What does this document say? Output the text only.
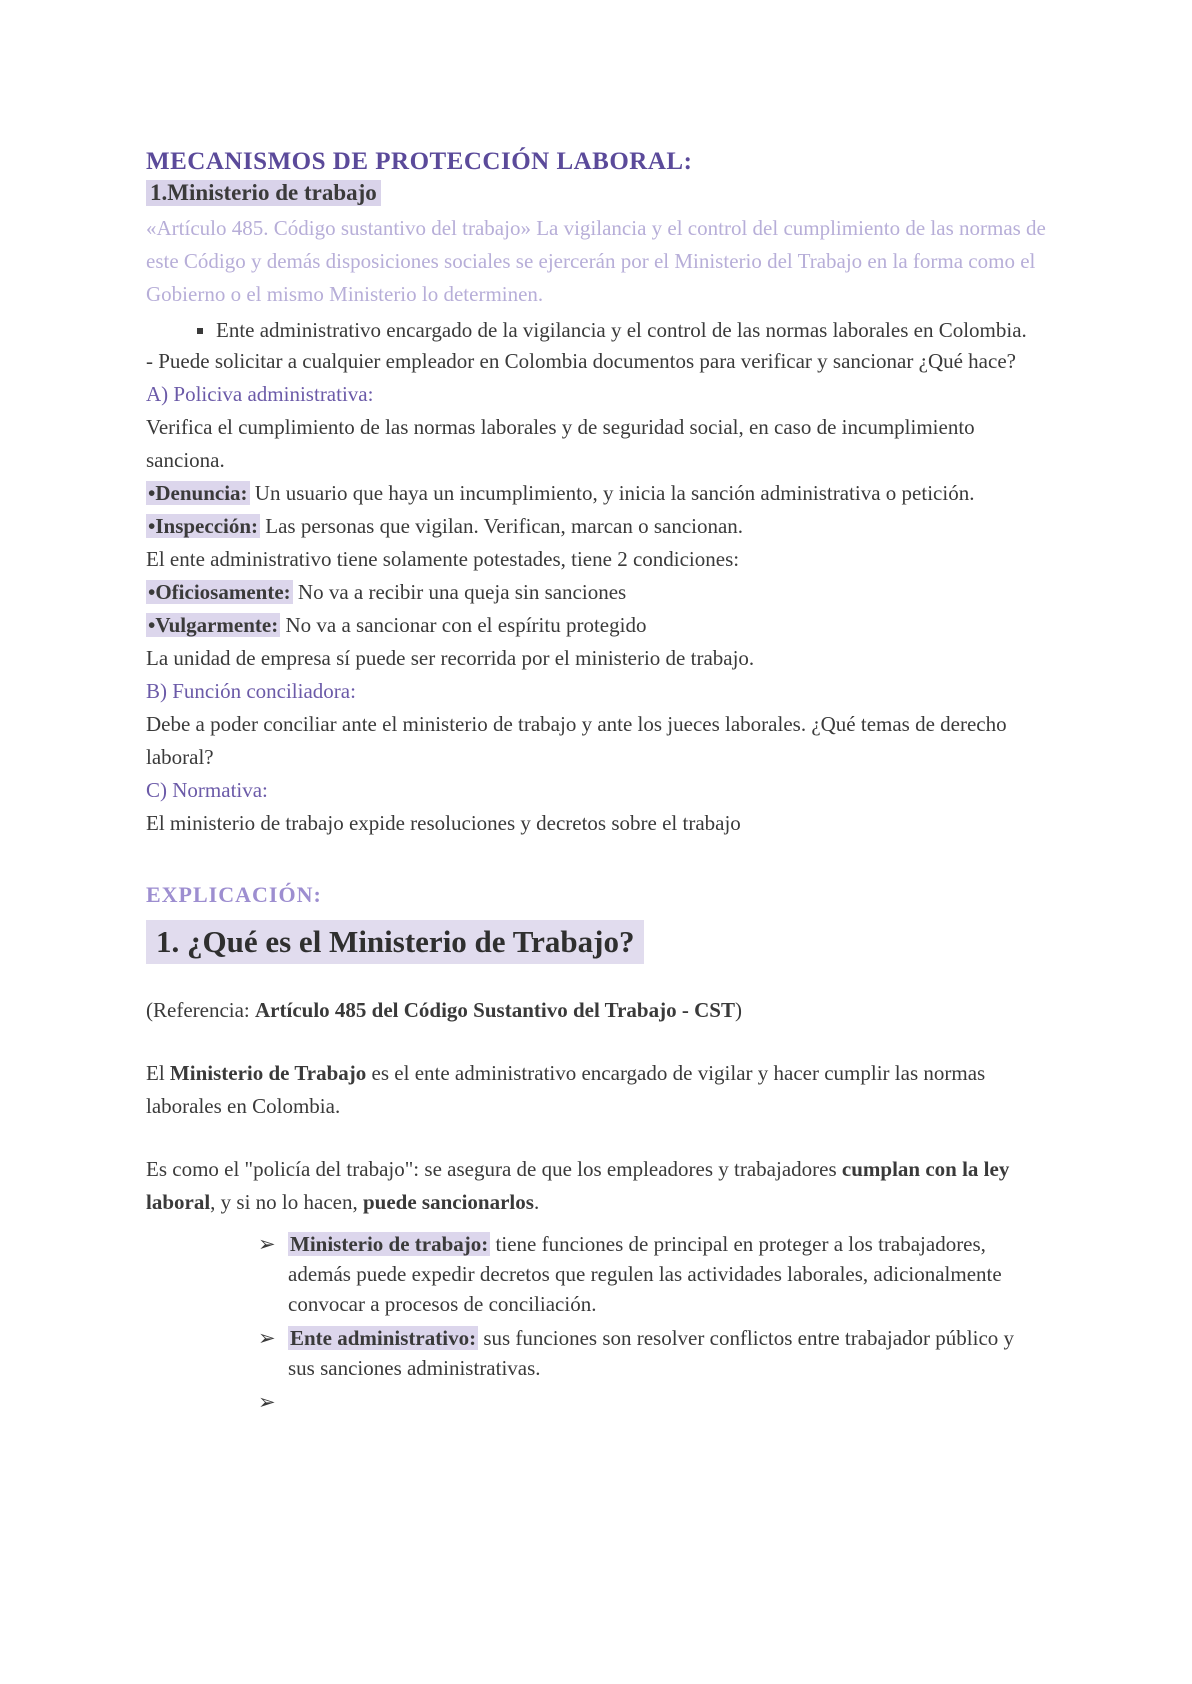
MECANISMOS DE PROTECCIÓN LABORAL:
1.Ministerio de trabajo

«Artículo 485. Código sustantivo del trabajo» La vigilancia y el control del cumplimiento de las normas de este Código y demás disposiciones sociales se ejercerán por el Ministerio del Trabajo en la forma como el Gobierno o el mismo Ministerio lo determinen.

▪ Ente administrativo encargado de la vigilancia y el control de las normas laborales en Colombia.

- Puede solicitar a cualquier empleador en Colombia documentos para verificar y sancionar ¿Qué hace?

A) Policiva administrativa:

Verifica el cumplimiento de las normas laborales y de seguridad social, en caso de incumplimiento sanciona.

•Denuncia: Un usuario que haya un incumplimiento, y inicia la sanción administrativa o petición.

•Inspección: Las personas que vigilan. Verifican, marcan o sancionan.

El ente administrativo tiene solamente potestades, tiene 2 condiciones:

•Oficiosamente: No va a recibir una queja sin sanciones

•Vulgarmente: No va a sancionar con el espíritu protegido

La unidad de empresa sí puede ser recorrida por el ministerio de trabajo.

B) Función conciliadora:

Debe a poder conciliar ante el ministerio de trabajo y ante los jueces laborales. ¿Qué temas de derecho laboral?

C) Normativa:

El ministerio de trabajo expide resoluciones y decretos sobre el trabajo

EXPLICACIÓN:
1. ¿Qué es el Ministerio de Trabajo?

(Referencia: Artículo 485 del Código Sustantivo del Trabajo - CST)

El Ministerio de Trabajo es el ente administrativo encargado de vigilar y hacer cumplir las normas laborales en Colombia.

Es como el "policía del trabajo": se asegura de que los empleadores y trabajadores cumplan con la ley laboral, y si no lo hacen, puede sancionarlos.

➢ Ministerio de trabajo: tiene funciones de principal en proteger a los trabajadores, además puede expedir decretos que regulen las actividades laborales, adicionalmente convocar a procesos de conciliación.
➢ Ente administrativo: sus funciones son resolver conflictos entre trabajador público y sus sanciones administrativas.
➢
